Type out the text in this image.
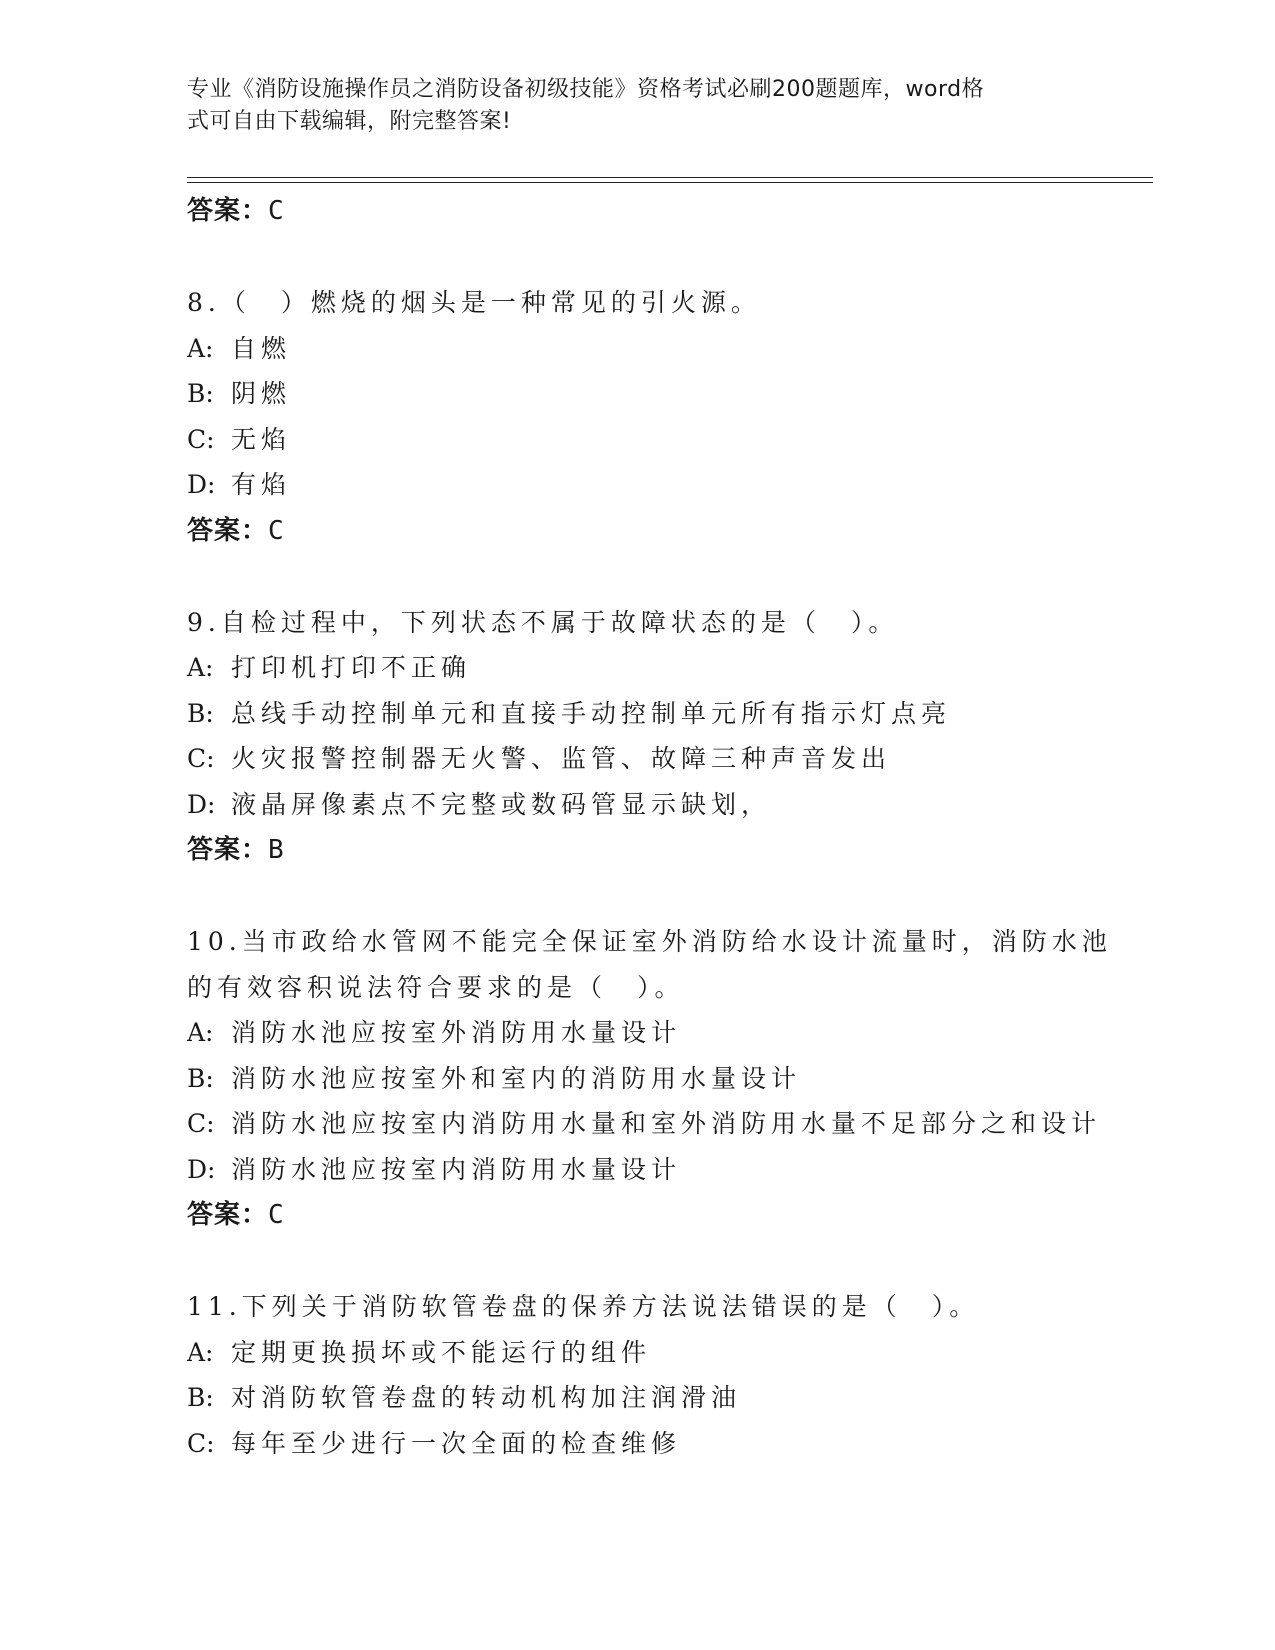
专业《消防设施操作员之消防设备初级技能》资格考试必刷200题题库，word格
式可自由下载编辑，附完整答案!
答案：C
8.（　）燃烧的烟头是一种常见的引火源。
A: 自燃
B: 阴燃
C: 无焰
D: 有焰
答案：C
9.自检过程中，下列状态不属于故障状态的是（　）。
A: 打印机打印不正确
B: 总线手动控制单元和直接手动控制单元所有指示灯点亮
C: 火灾报警控制器无火警、监管、故障三种声音发出
D: 液晶屏像素点不完整或数码管显示缺划，
答案：B
10.当市政给水管网不能完全保证室外消防给水设计流量时，消防水池
的有效容积说法符合要求的是（　）。
A: 消防水池应按室外消防用水量设计
B: 消防水池应按室外和室内的消防用水量设计
C: 消防水池应按室内消防用水量和室外消防用水量不足部分之和设计
D: 消防水池应按室内消防用水量设计
答案：C
11.下列关于消防软管卷盘的保养方法说法错误的是（　）。
A: 定期更换损坏或不能运行的组件
B: 对消防软管卷盘的转动机构加注润滑油
C: 每年至少进行一次全面的检查维修
